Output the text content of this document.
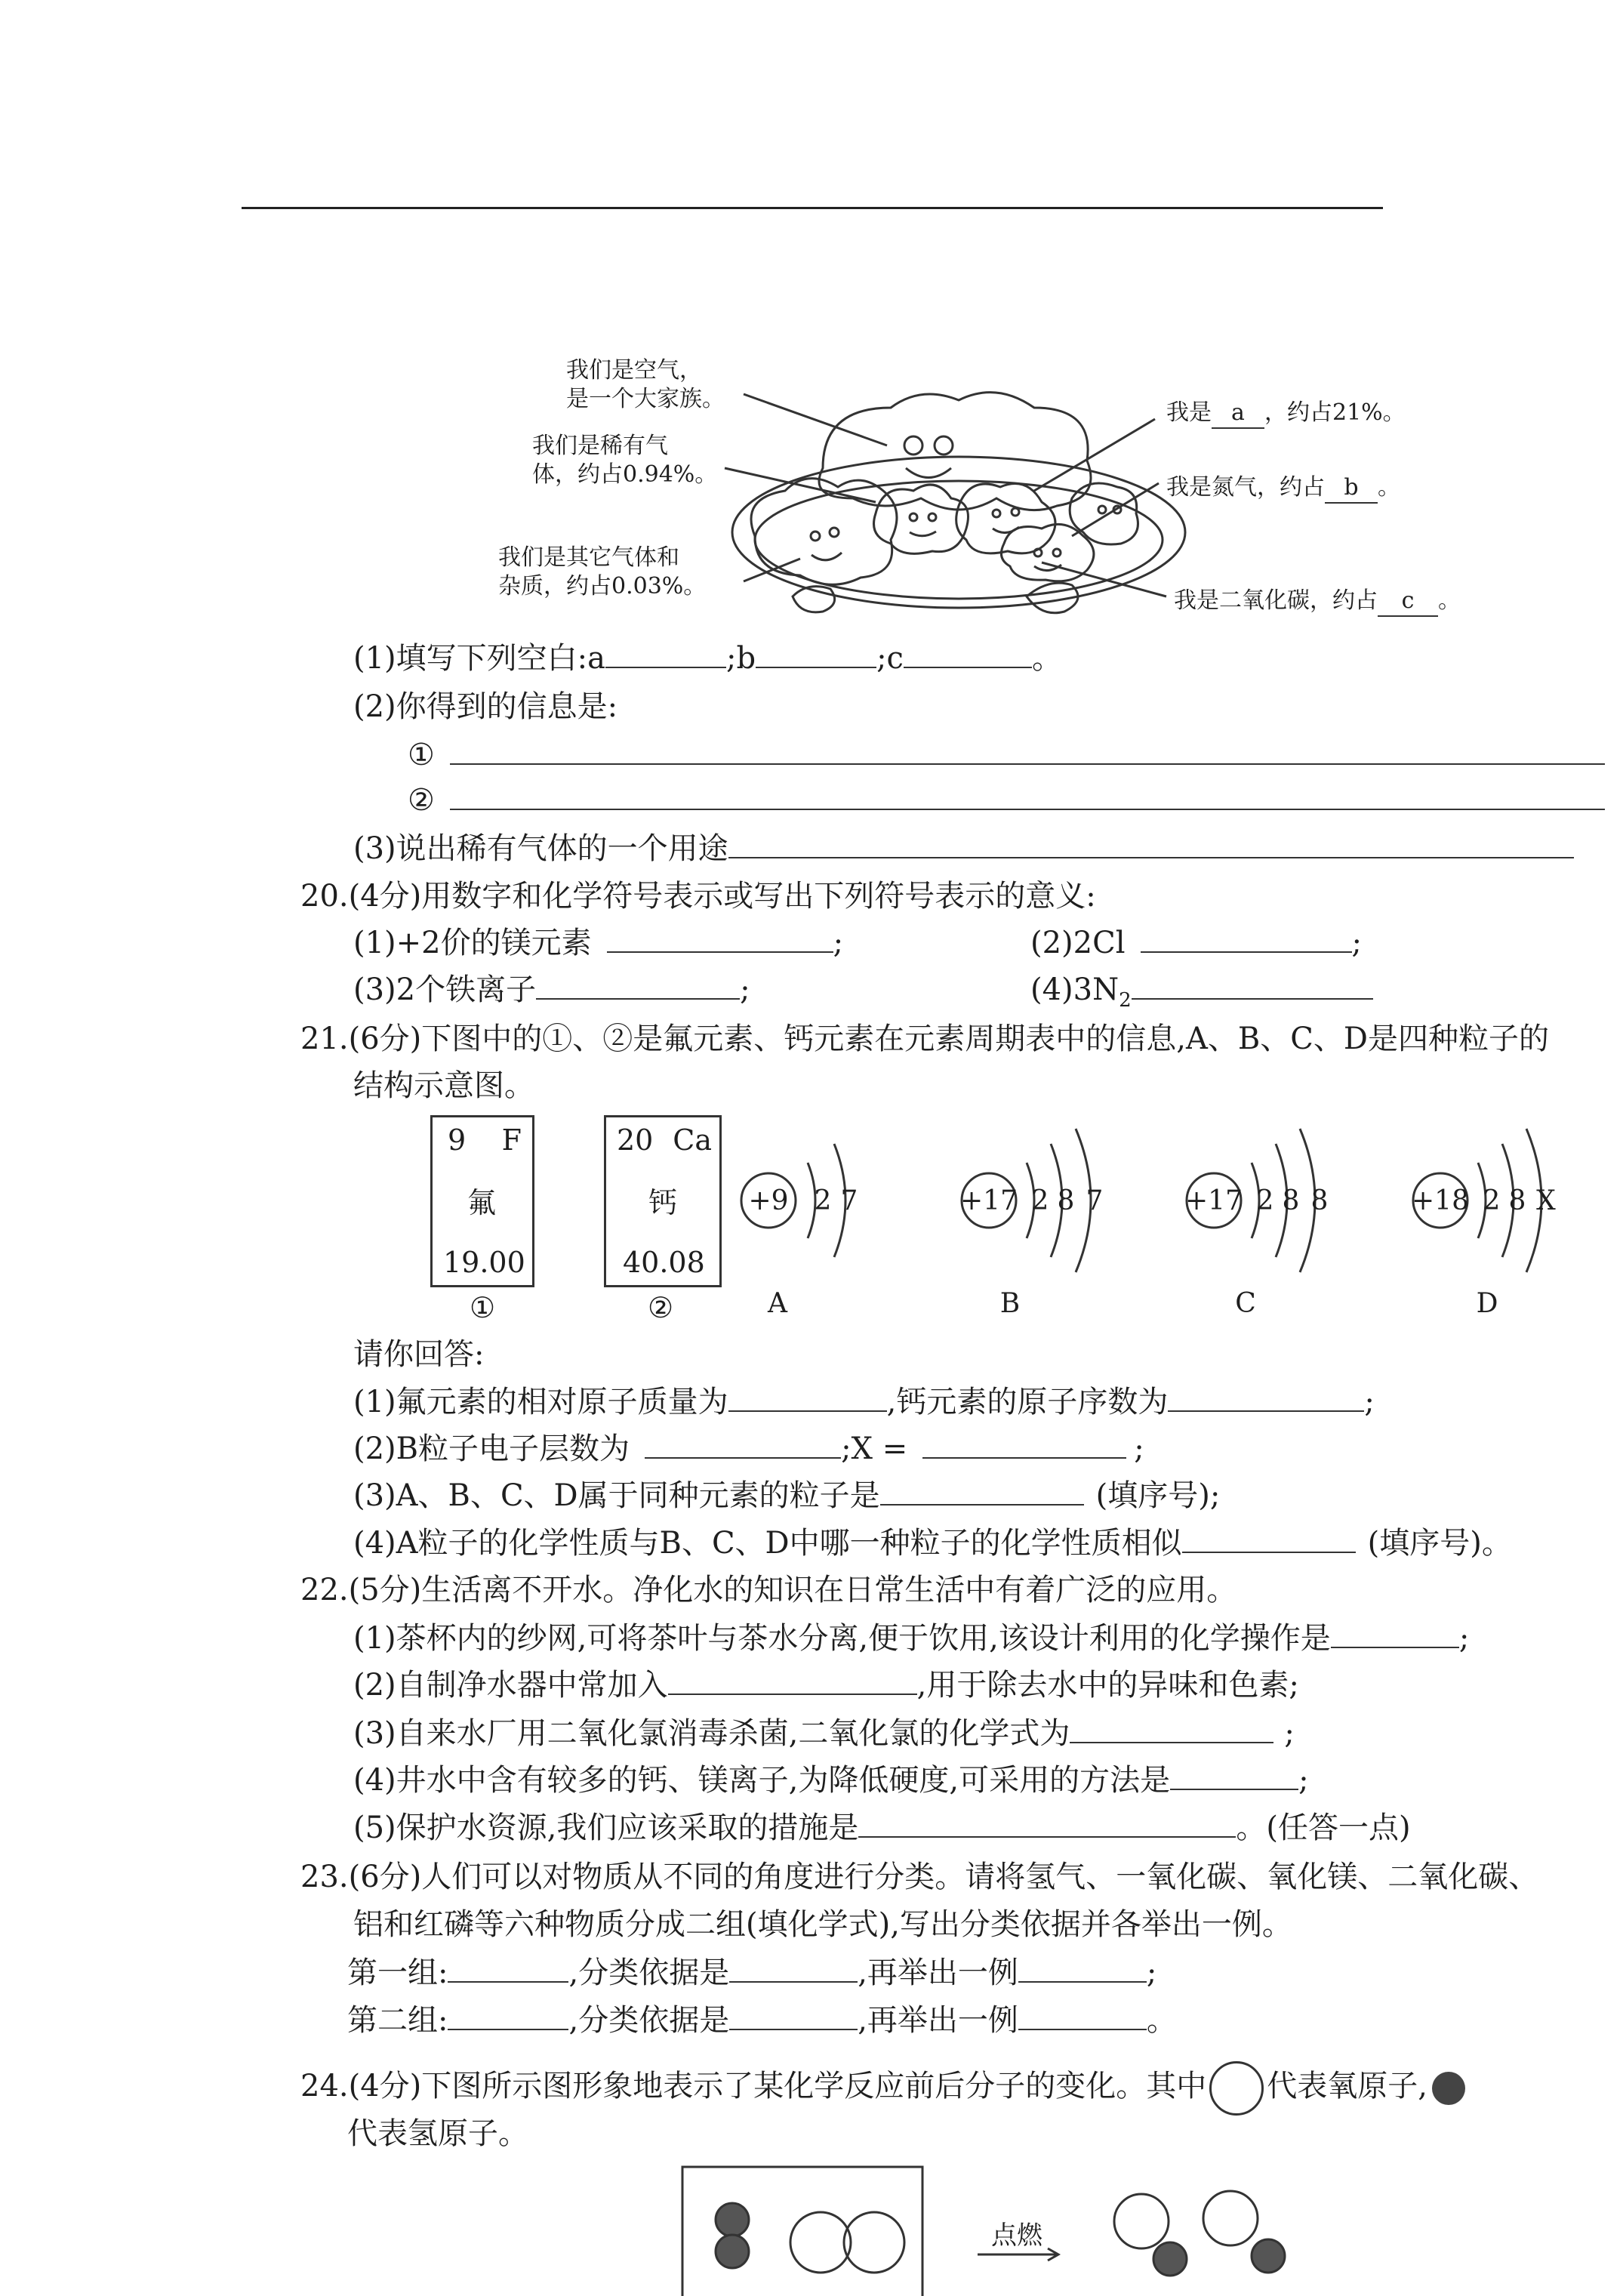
我们是空气，
是一个大家族。
我们是稀有气
体，约占0.94%。
我们是其它气体和
杂质，约占0.03%。
我是 a ，约占21%。
我是氮气，约占 b 。
我是二氧化碳，约占 c 。
(1)填写下列空白:a	;b	;c	。
(2)你得到的信息是:
①
②
(3)说出稀有气体的一个用途
20.(4分)用数字和化学符号表示或写出下列符号表示的意义:
(1)+2价的镁元素	;	(2)2Cl	;
(3)2个铁离子	;	$(4)3N_2$
21.(6分)下图中的①、②是氟元素、钙元素在元素周期表中的信息,A、B、C、D是四种粒子的
结构示意图。
9 F
氟
19.00
①
20 Ca
钙
40.08
②
+9 2 7
A
+17 2 8 7
B
+17 2 8 8
C
+18 2 8 X
D
请你回答:
(1)氟元素的相对原子质量为	,钙元素的原子序数为	;
(2)B粒子电子层数为	;X =	;
(3)A、B、C、D属于同种元素的粒子是	(填序号);
(4)A粒子的化学性质与B、C、D中哪一种粒子的化学性质相似	(填序号)。
22.(5分)生活离不开水。净化水的知识在日常生活中有着广泛的应用。
(1)茶杯内的纱网,可将茶叶与茶水分离,便于饮用,该设计利用的化学操作是	;
(2)自制净水器中常加入	,用于除去水中的异味和色素;
(3)自来水厂用二氧化氯消毒杀菌,二氧化氯的化学式为	;
(4)井水中含有较多的钙、镁离子,为降低硬度,可采用的方法是	;
(5)保护水资源,我们应该采取的措施是	。(任答一点)
23.(6分)人们可以对物质从不同的角度进行分类。请将氢气、一氧化碳、氧化镁、二氧化碳、
铝和红磷等六种物质分成二组(填化学式),写出分类依据并各举出一例。
第一组:	,分类依据是	,再举出一例	;
第二组:	,分类依据是	,再举出一例	。
24.(4分)下图所示图形象地表示了某化学反应前后分子的变化。其中 代表氧原子,
代表氢原子。
点燃
